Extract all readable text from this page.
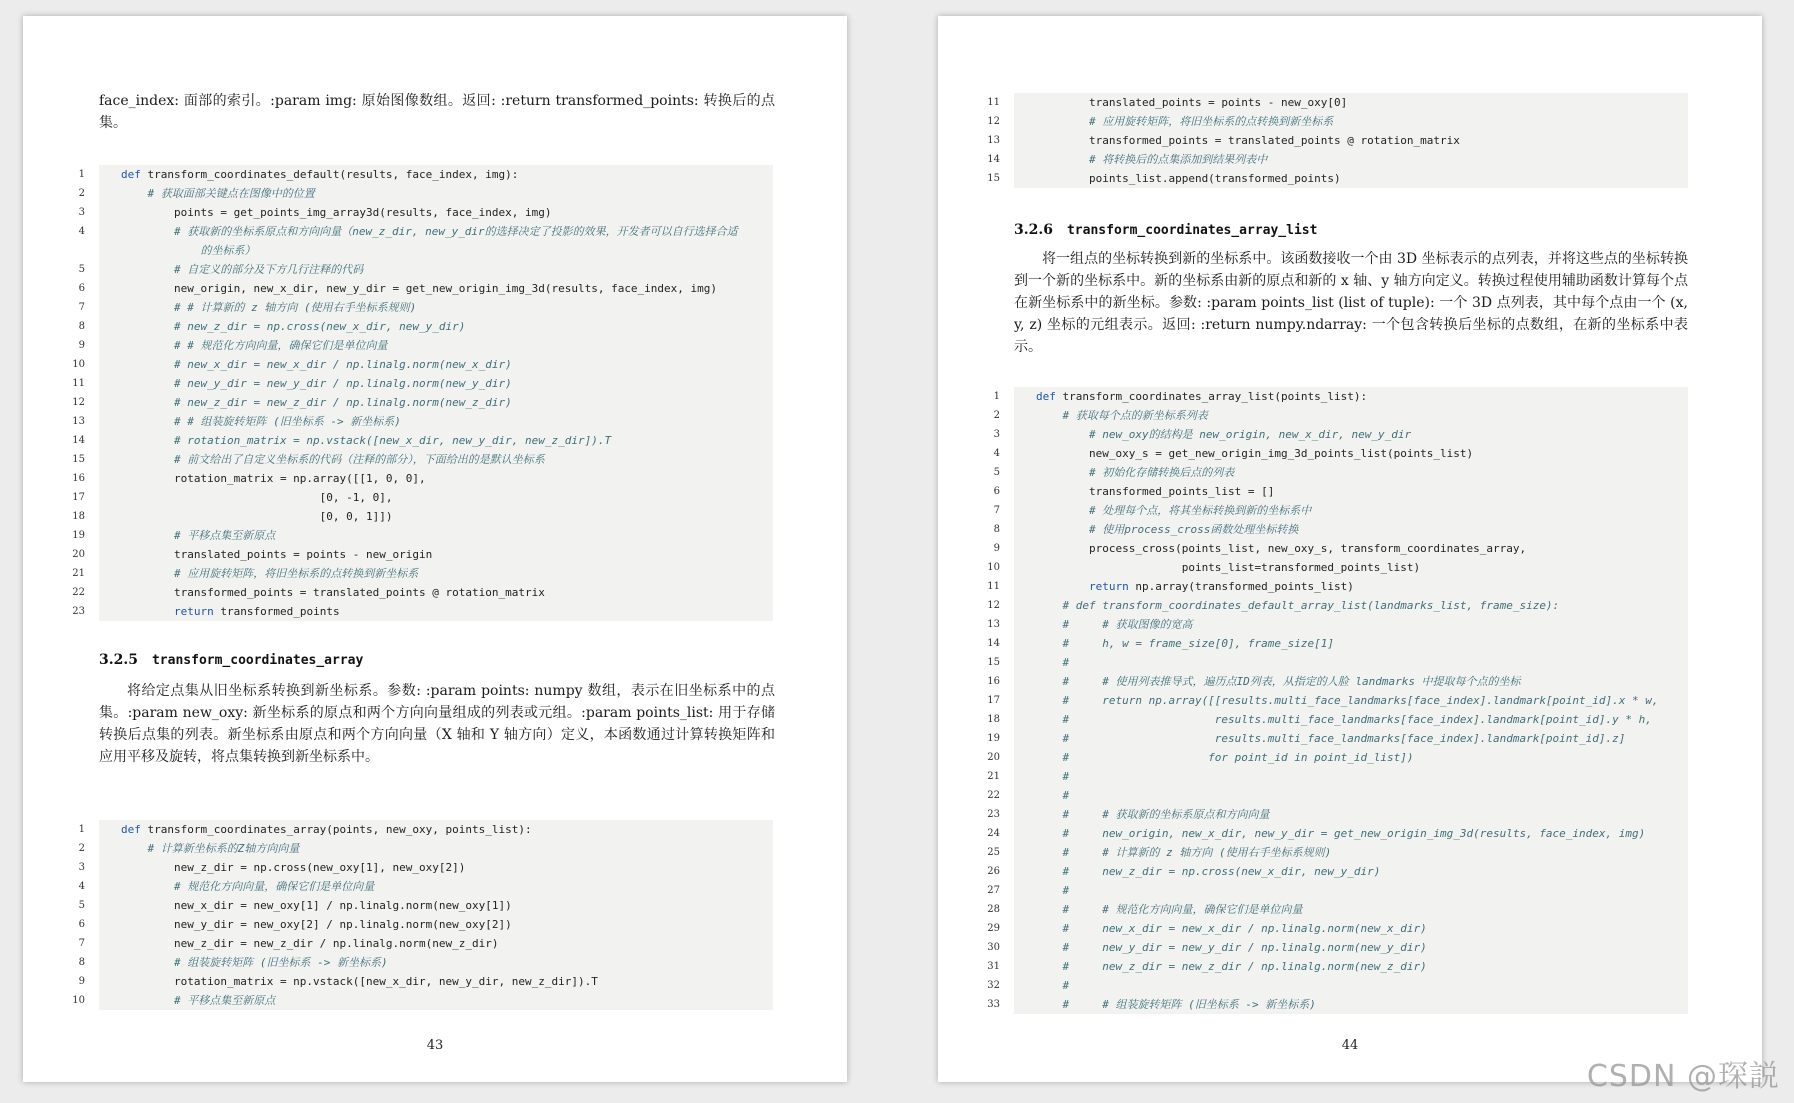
face_index: 面部的索引。:param img: 原始图像数组。返回: :return transformed_points: 转换后的点集。

1	def transform_coordinates_default(results, face_index, img):
2	# 获取面部关键点在图像中的位置
3	points = get_points_img_array3d(results, face_index, img)
4	# 获取新的坐标系原点和方向向量（new_z_dir, new_y_dir的选择决定了投影的效果，开发者可以自行选择合适
的坐标系）
5	# 自定义的部分及下方几行注释的代码
6	new_origin, new_x_dir, new_y_dir = get_new_origin_img_3d(results, face_index, img)
7	# # 计算新的 z 轴方向 (使用右手坐标系规则)
8	# new_z_dir = np.cross(new_x_dir, new_y_dir)
9	# # 规范化方向向量，确保它们是单位向量
10	# new_x_dir = new_x_dir / np.linalg.norm(new_x_dir)
11	# new_y_dir = new_y_dir / np.linalg.norm(new_y_dir)
12	# new_z_dir = new_z_dir / np.linalg.norm(new_z_dir)
13	# # 组装旋转矩阵 (旧坐标系 -> 新坐标系)
14	# rotation_matrix = np.vstack([new_x_dir, new_y_dir, new_z_dir]).T
15	# 前文给出了自定义坐标系的代码（注释的部分），下面给出的是默认坐标系
16	rotation_matrix = np.array([[1, 0, 0],
17	[0, -1, 0],
18	[0, 0, 1]])
19	# 平移点集至新原点
20	translated_points = points - new_origin
21	# 应用旋转矩阵，将旧坐标系的点转换到新坐标系
22	transformed_points = translated_points @ rotation_matrix
23	return transformed_points
3.2.5 transform_coordinates_array

将给定点集从旧坐标系转换到新坐标系。参数: :param points: numpy 数组，表示在旧坐标系中的点集。:param new_oxy: 新坐标系的原点和两个方向向量组成的列表或元组。:param points_list: 用于存储转换后点集的列表。新坐标系由原点和两个方向向量（X 轴和 Y 轴方向）定义，本函数通过计算转换矩阵和应用平移及旋转，将点集转换到新坐标系中。

1	def transform_coordinates_array(points, new_oxy, points_list):
2	# 计算新坐标系的Z轴方向向量
3	new_z_dir = np.cross(new_oxy[1], new_oxy[2])
4	# 规范化方向向量，确保它们是单位向量
5	new_x_dir = new_oxy[1] / np.linalg.norm(new_oxy[1])
6	new_y_dir = new_oxy[2] / np.linalg.norm(new_oxy[2])
7	new_z_dir = new_z_dir / np.linalg.norm(new_z_dir)
8	# 组装旋转矩阵 (旧坐标系 -> 新坐标系)
9	rotation_matrix = np.vstack([new_x_dir, new_y_dir, new_z_dir]).T
10	# 平移点集至新原点
43
11	translated_points = points - new_oxy[0]
12	# 应用旋转矩阵，将旧坐标系的点转换到新坐标系
13	transformed_points = translated_points @ rotation_matrix
14	# 将转换后的点集添加到结果列表中
15	points_list.append(transformed_points)
3.2.6 transform_coordinates_array_list

将一组点的坐标转换到新的坐标系中。该函数接收一个由 3D 坐标表示的点列表，并将这些点的坐标转换到一个新的坐标系中。新的坐标系由新的原点和新的 x 轴、y 轴方向定义。转换过程使用辅助函数计算每个点在新坐标系中的新坐标。参数: :param points_list (list of tuple): 一个 3D 点列表，其中每个点由一个 (x, y, z) 坐标的元组表示。返回: :return numpy.ndarray: 一个包含转换后坐标的点数组，在新的坐标系中表示。

1	def transform_coordinates_array_list(points_list):
2	# 获取每个点的新坐标系列表
3	# new_oxy的结构是 new_origin, new_x_dir, new_y_dir
4	new_oxy_s = get_new_origin_img_3d_points_list(points_list)
5	# 初始化存储转换后点的列表
6	transformed_points_list = []
7	# 处理每个点，将其坐标转换到新的坐标系中
8	# 使用process_cross函数处理坐标转换
9	process_cross(points_list, new_oxy_s, transform_coordinates_array,
10	points_list=transformed_points_list)
11	return np.array(transformed_points_list)
12	# def transform_coordinates_default_array_list(landmarks_list, frame_size):
13	#     # 获取图像的宽高
14	#     h, w = frame_size[0], frame_size[1]
15	#
16	#     # 使用列表推导式，遍历点ID列表，从指定的人脸 landmarks 中提取每个点的坐标
17	#     return np.array([[results.multi_face_landmarks[face_index].landmark[point_id].x * w,
18	#                      results.multi_face_landmarks[face_index].landmark[point_id].y * h,
19	#                      results.multi_face_landmarks[face_index].landmark[point_id].z]
20	#                     for point_id in point_id_list])
21	#
22	#
23	#     # 获取新的坐标系原点和方向向量
24	#     new_origin, new_x_dir, new_y_dir = get_new_origin_img_3d(results, face_index, img)
25	#     # 计算新的 z 轴方向 (使用右手坐标系规则)
26	#     new_z_dir = np.cross(new_x_dir, new_y_dir)
27	#
28	#     # 规范化方向向量，确保它们是单位向量
29	#     new_x_dir = new_x_dir / np.linalg.norm(new_x_dir)
30	#     new_y_dir = new_y_dir / np.linalg.norm(new_y_dir)
31	#     new_z_dir = new_z_dir / np.linalg.norm(new_z_dir)
32	#
33	#     # 组装旋转矩阵 (旧坐标系 -> 新坐标系)
44
CSDN @琛説
